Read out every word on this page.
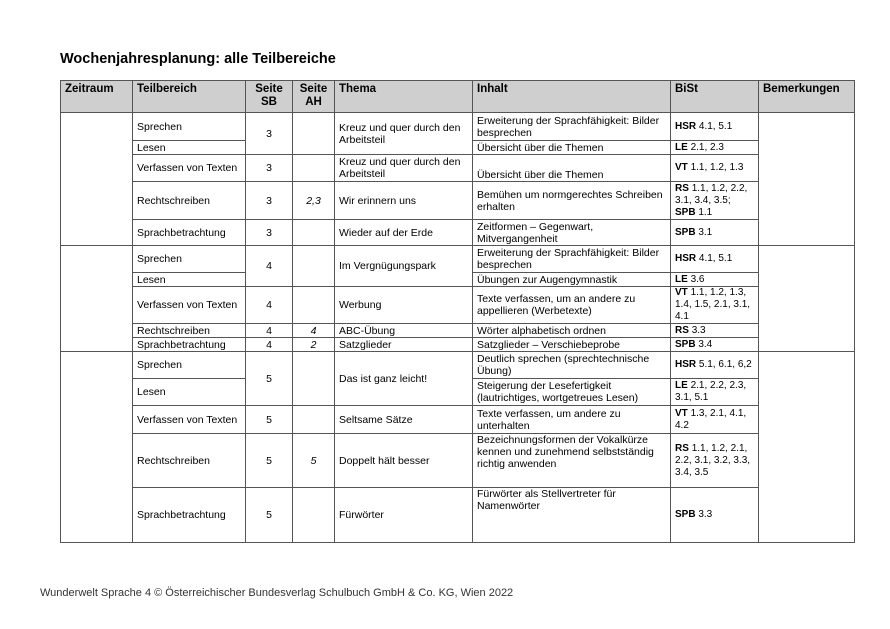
Wochenjahresplanung: alle Teilbereiche
Zeitraum	Teilbereich	Seite SB	Seite AH	Thema	Inhalt	BiSt	Bemerkungen
	Sprechen	3		Kreuz und quer durch den Arbeitsteil	Erweiterung der Sprachfähigkeit: Bilder besprechen	HSR 4.1, 5.1	
	Lesen				Übersicht über die Themen	LE 2.1, 2.3	
	Verfassen von Texten	3		Kreuz und quer durch den Arbeitsteil	Übersicht über die Themen	VT 1.1, 1.2, 1.3	
	Rechtschreiben	3	2,3	Wir erinnern uns	Bemühen um normgerechtes Schreiben erhalten	RS 1.1, 1.2, 2.2, 3.1, 3.4, 3.5;
SPB 1.1	
	Sprachbetrachtung	3		Wieder auf der Erde	Zeitformen – Gegenwart, Mitvergangenheit	SPB 3.1	
	Sprechen	4		Im Vergnügungspark	Erweiterung der Sprachfähigkeit: Bilder besprechen	HSR 4.1, 5.1	
	Lesen				Übungen zur Augengymnastik	LE 3.6	
	Verfassen von Texten	4		Werbung	Texte verfassen, um an andere zu appellieren (Werbetexte)	VT 1.1, 1.2, 1.3, 1.4, 1.5, 2.1, 3.1, 4.1	
	Rechtschreiben	4	4	ABC-Übung	Wörter alphabetisch ordnen	RS 3.3	
	Sprachbetrachtung	4	2	Satzglieder	Satzglieder – Verschiebeprobe	SPB 3.4	
	Sprechen	5		Das ist ganz leicht!	Deutlich sprechen (sprechtechnische Übung)	HSR 5.1, 6.1, 6,2	
	Lesen				Steigerung der Lesefertigkeit (lautrichtiges, wortgetreues Lesen)	LE 2.1, 2.2, 2.3, 3.1, 5.1	
	Verfassen von Texten	5		Seltsame Sätze	Texte verfassen, um andere zu unterhalten	VT 1.3, 2.1, 4.1, 4.2	
	Rechtschreiben	5	5	Doppelt hält besser	Bezeichnungsformen der Vokalkürze kennen und zunehmend selbstständig richtig anwenden	RS 1.1, 1.2, 2.1, 2.2, 3.1, 3.2, 3.3, 3.4, 3.5	
	Sprachbetrachtung	5		Fürwörter	Fürwörter als Stellvertreter für Namenwörter	SPB 3.3	
Wunderwelt Sprache 4 © Österreichischer Bundesverlag Schulbuch GmbH & Co. KG, Wien 2022
